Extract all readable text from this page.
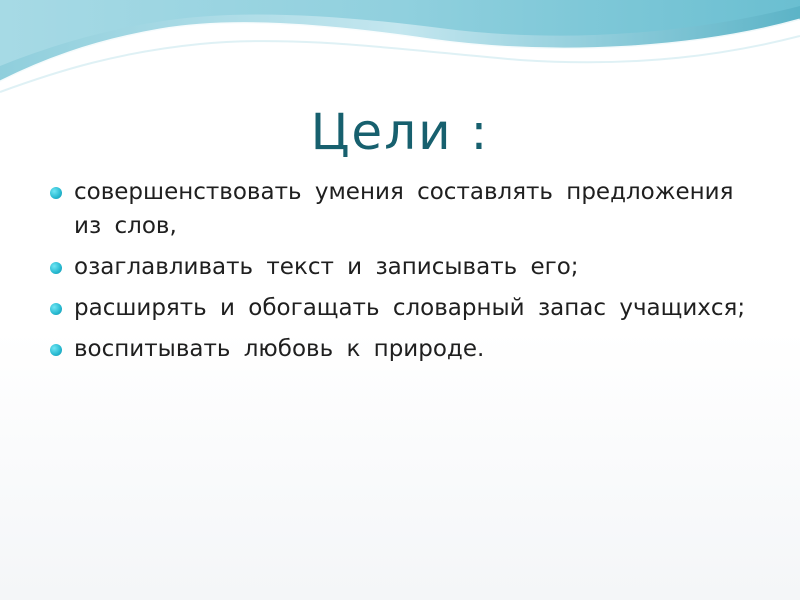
Цели :
совершенствовать умения составлять предложения из слов,
озаглавливать текст и записывать его;
расширять и обогащать словарный запас учащихся;
воспитывать любовь к природе.
